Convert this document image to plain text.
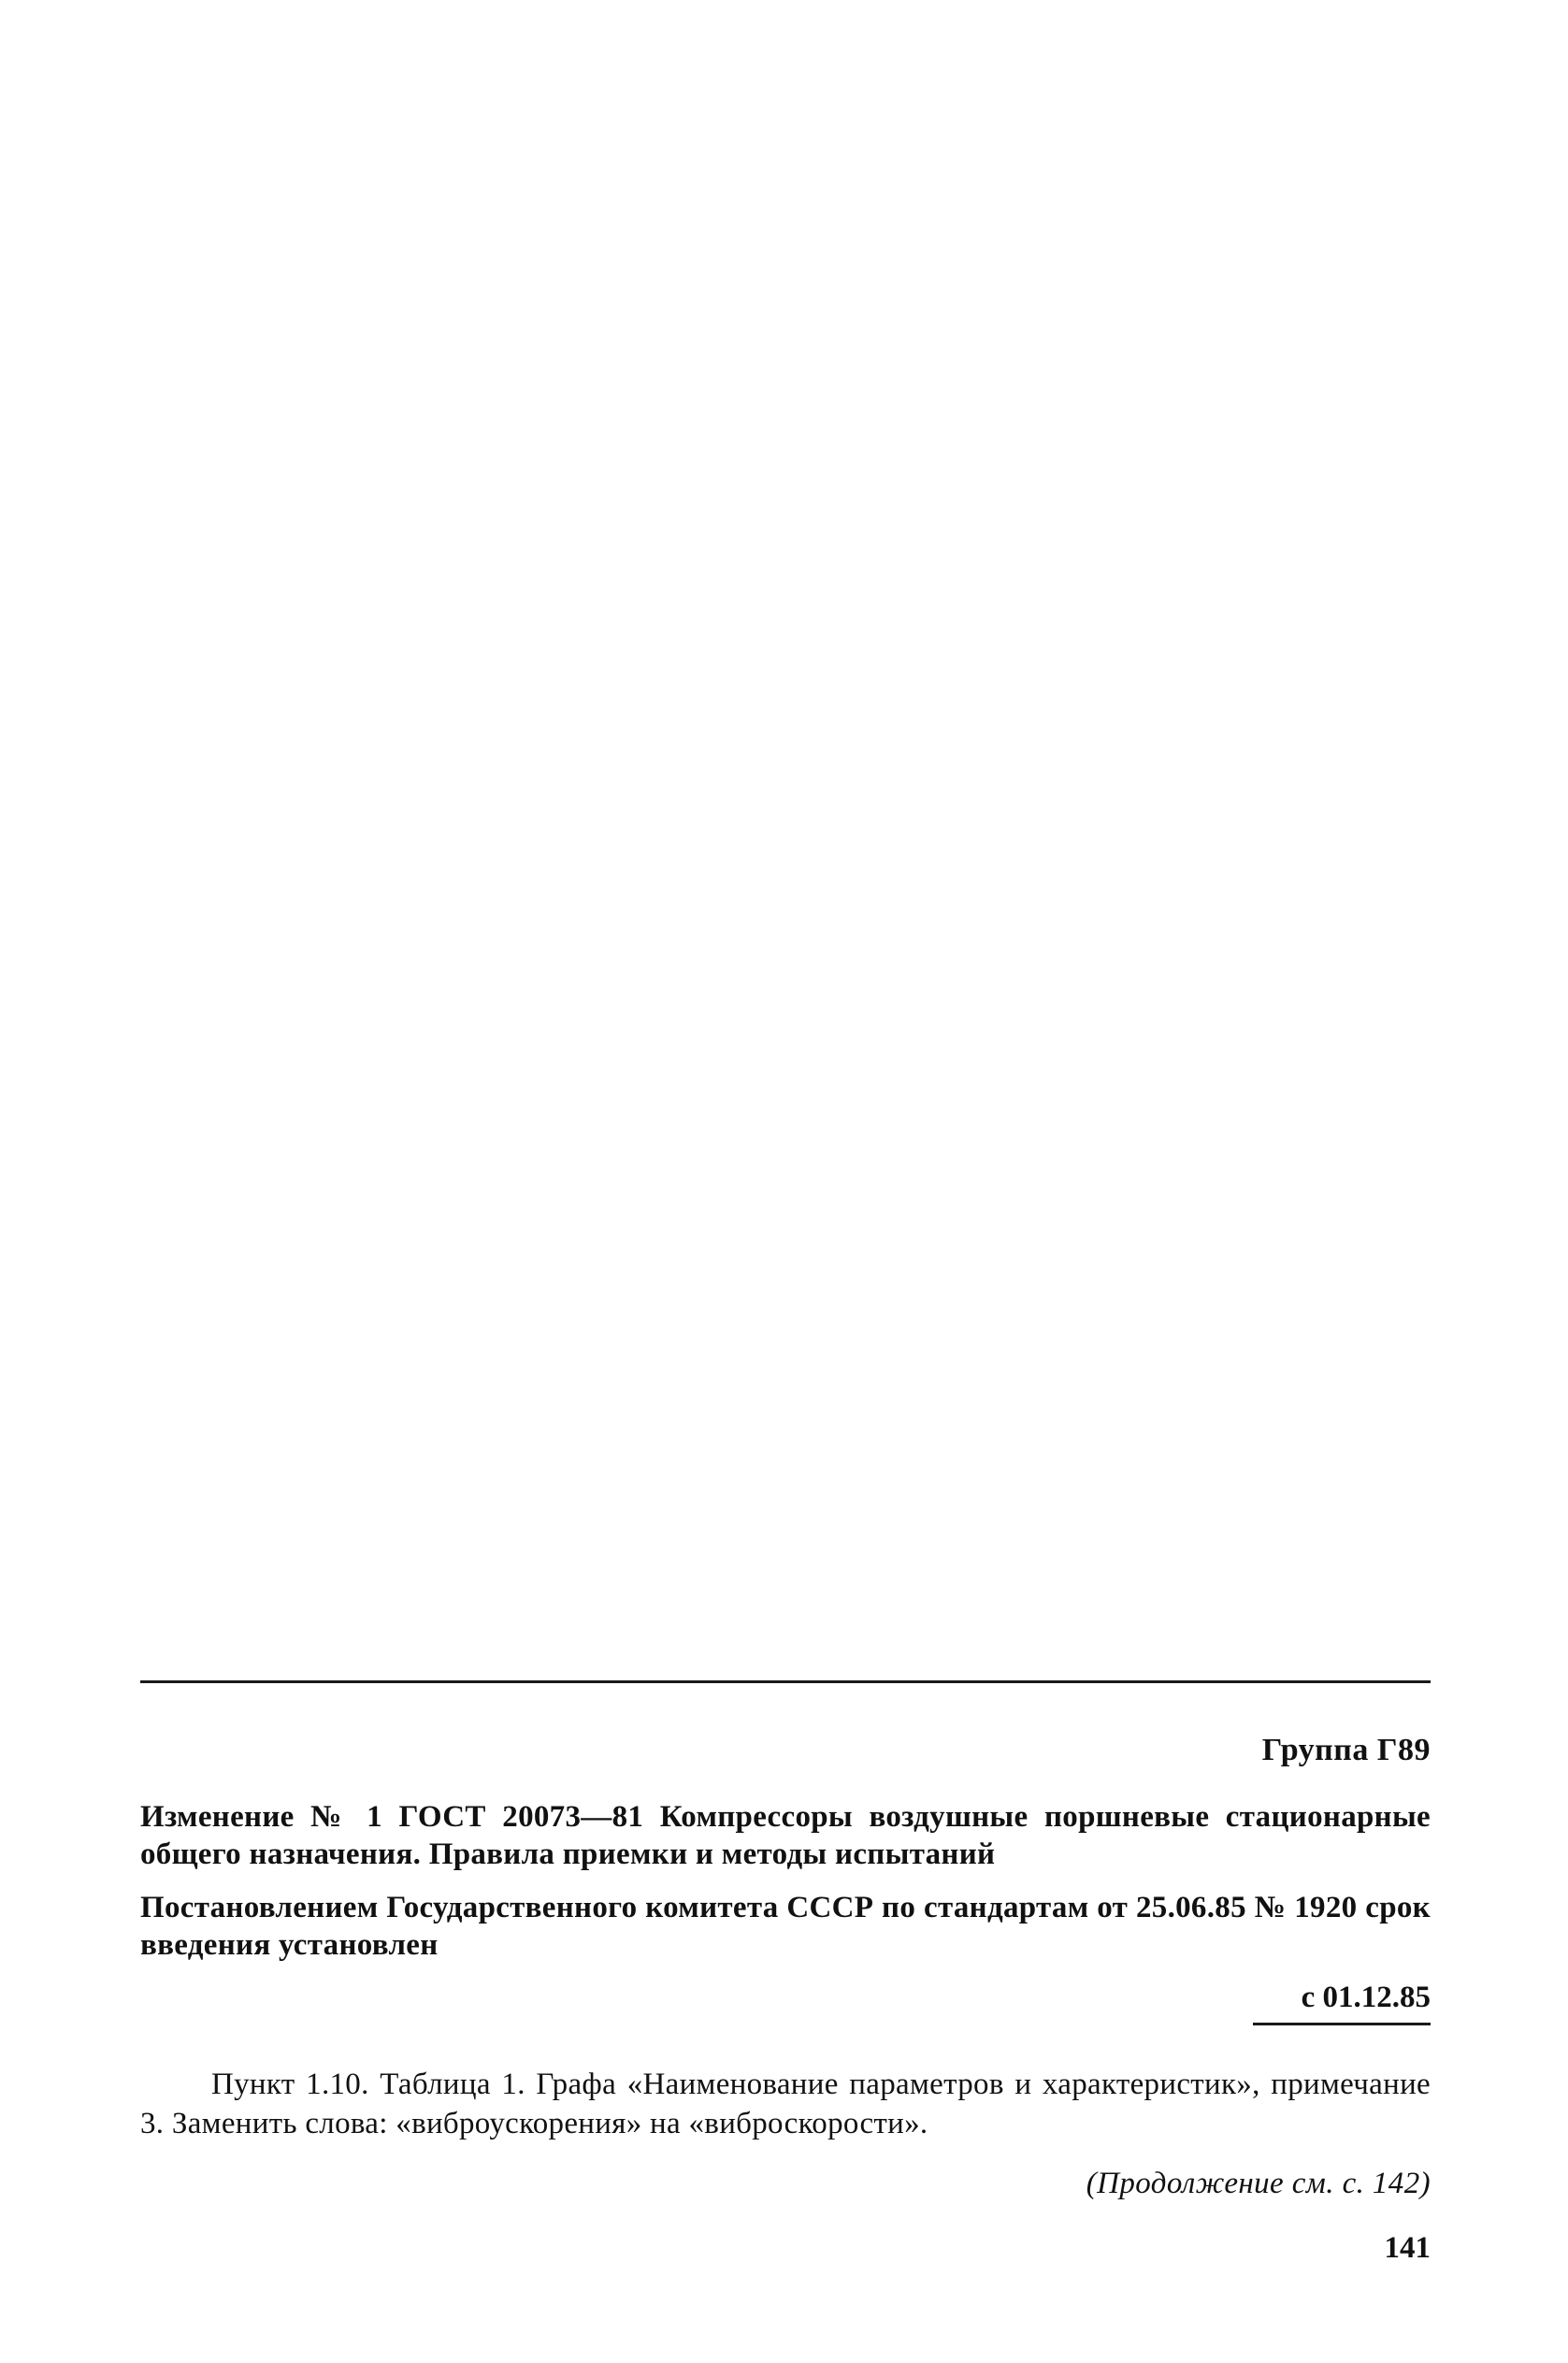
Группа Г89
Изменение № 1 ГОСТ 20073—81 Компрессоры воздушные поршневые стационарные общего назначения. Правила приемки и методы испытаний
Постановлением Государственного комитета СССР по стандартам от 25.06.85 № 1920 срок введения установлен
с 01.12.85
Пункт 1.10. Таблица 1. Графа «Наименование параметров и характеристик», примечание 3. Заменить слова: «виброускорения» на «виброскорости».
(Продолжение см. с. 142)
141
